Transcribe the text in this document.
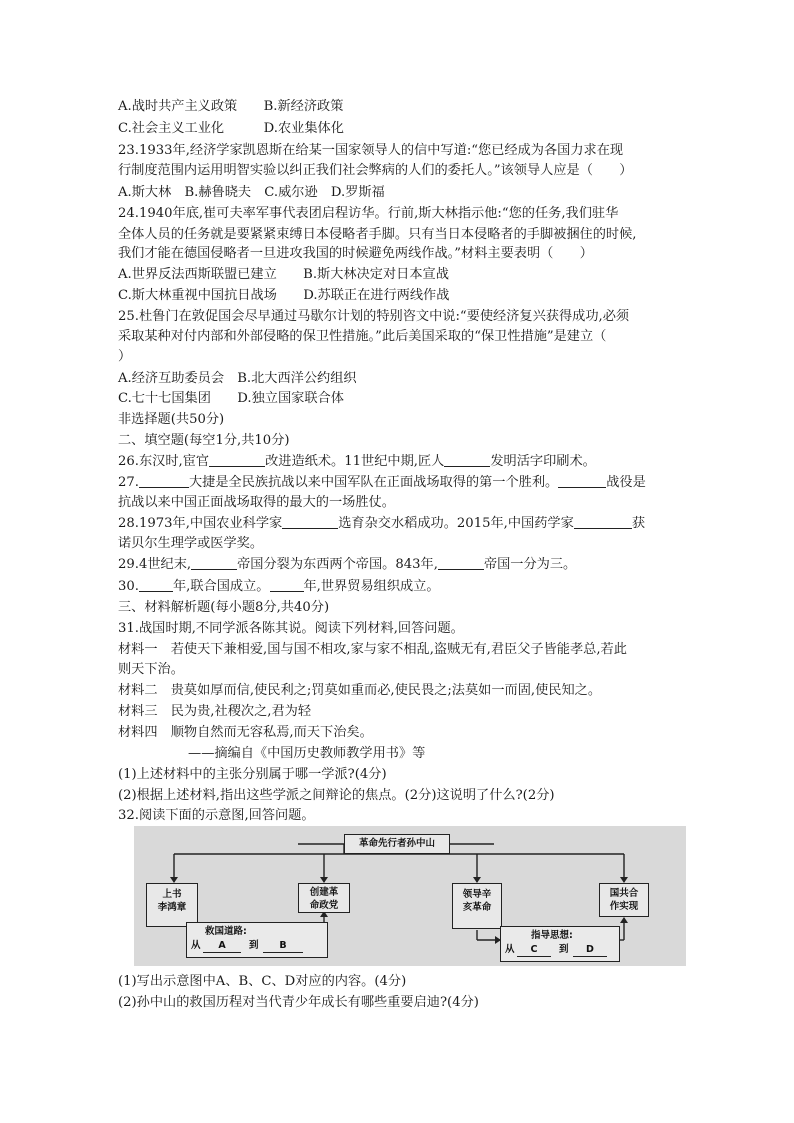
A.战时共产主义政策　　B.新经济政策
C.社会主义工业化　　　D.农业集体化
23.1933年,经济学家凯恩斯在给某一国家领导人的信中写道:“您已经成为各国力求在现
行制度范围内运用明智实验以纠正我们社会弊病的人们的委托人。”该领导人应是（　　）
A.斯大林　B.赫鲁晓夫　C.威尔逊　D.罗斯福
24.1940年底,崔可夫率军事代表团启程访华。行前,斯大林指示他:“您的任务,我们驻华
全体人员的任务就是要紧紧束缚日本侵略者手脚。只有当日本侵略者的手脚被捆住的时候,
我们才能在德国侵略者一旦进攻我国的时候避免两线作战。”材料主要表明（　　）
A.世界反法西斯联盟已建立　　B.斯大林决定对日本宣战
C.斯大林重视中国抗日战场　　D.苏联正在进行两线作战
25.杜鲁门在敦促国会尽早通过马歇尔计划的特别咨文中说:“要使经济复兴获得成功,必须
采取某种对付内部和外部侵略的保卫性措施。”此后美国采取的“保卫性措施”是建立（
）
A.经济互助委员会　B.北大西洋公约组织
C.七十七国集团　　D.独立国家联合体
非选择题(共50分)
二、填空题(每空1分,共10分)
26.东汉时,宦官	改进造纸术。11世纪中期,匠人	发明活字印刷术。
27.	大捷是全民族抗战以来中国军队在正面战场取得的第一个胜利。	战役是
抗战以来中国正面战场取得的最大的一场胜仗。
28.1973年,中国农业科学家	选育杂交水稻成功。2015年,中国药学家	获
诺贝尔生理学或医学奖。
29.4世纪末,	帝国分裂为东西两个帝国。843年,	帝国一分为三。
30.	年,联合国成立。	年,世界贸易组织成立。
三、材料解析题(每小题8分,共40分)
31.战国时期,不同学派各陈其说。阅读下列材料,回答问题。
材料一　若使天下兼相爱,国与国不相攻,家与家不相乱,盗贼无有,君臣父子皆能孝总,若此
则天下治。
材料二　贵莫如厚而信,使民利之;罚莫如重而必,使民畏之;法莫如一而固,使民知之。
材料三　民为贵,社稷次之,君为轻
材料四　顺物自然而无容私焉,而天下治矣。
——摘编自《中国历史教师教学用书》等
(1)上述材料中的主张分别属于哪一学派?(4分)
(2)根据上述材料,指出这些学派之间辩论的焦点。(2分)这说明了什么?(2分)
32.阅读下面的示意图,回答问题。
革命先行者孙中山
上书
李鸿章
创建革
命政党
领导辛
亥革命
国共合
作实现
救国道路:
从	A	到	B
指导思想:
从	C	到	D
(1)写出示意图中A、B、C、D对应的内容。(4分)
(2)孙中山的救国历程对当代青少年成长有哪些重要启迪?(4分)
